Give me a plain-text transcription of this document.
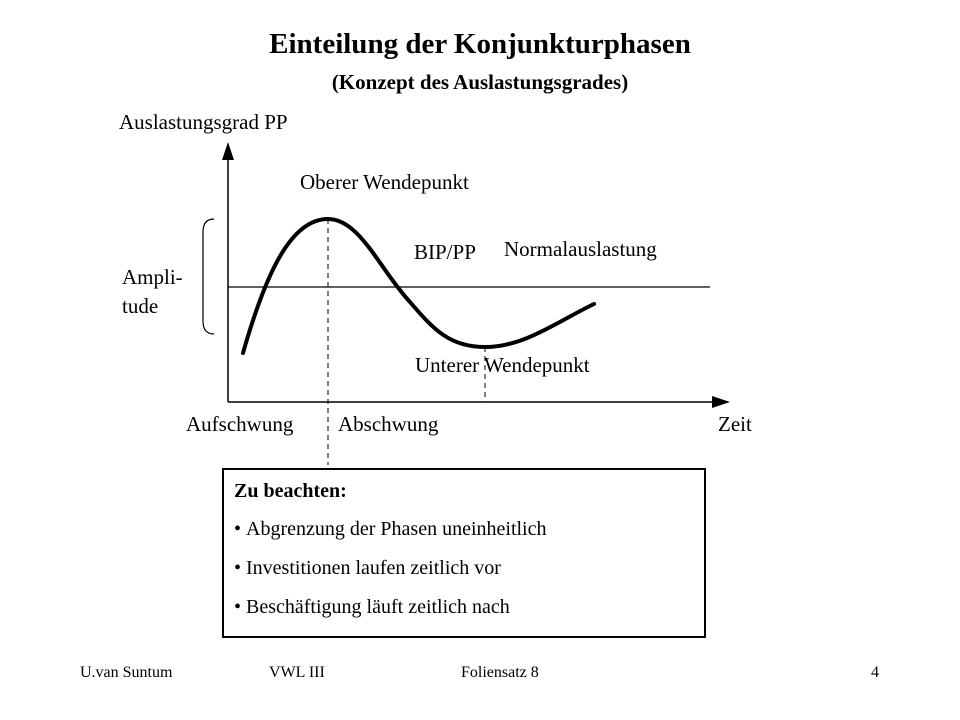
Einteilung der Konjunkturphasen
(Konzept des Auslastungsgrades)
Auslastungsgrad PP
Oberer Wendepunkt
BIP/PP Normalauslastung
Ampli-
tude
Unterer Wendepunkt
Aufschwung Abschwung	Zeit
Zu beachten:
• Abgrenzung der Phasen uneinheitlich
• Investitionen laufen zeitlich vor
• Beschäftigung läuft zeitlich nach
U.van Suntum	VWL III	Foliensatz 8	4
